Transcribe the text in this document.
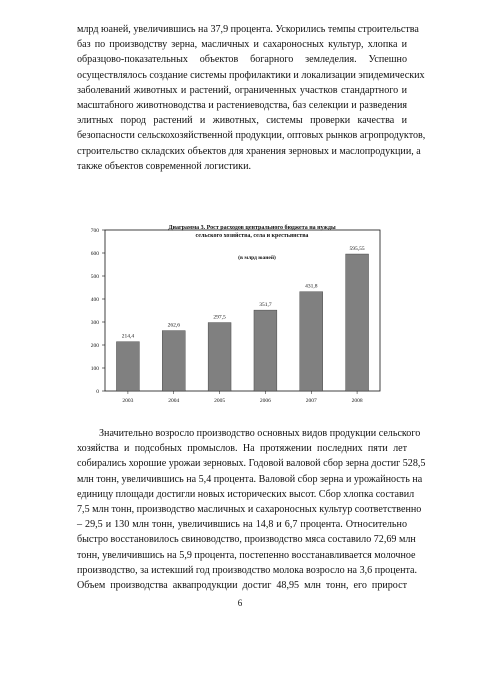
млрд юаней, увеличившись на 37,9 процента. Ускорились темпы строительства
баз по производству зерна, масличных и сахароносных культур, хлопка и
образцово-показательных объектов богарного земледелия. Успешно
осуществлялось создание системы профилактики и локализации эпидемических
заболеваний животных и растений, ограниченных участков стандартного и
масштабного животноводства и растениеводства, баз селекции и разведения
элитных пород растений и животных, системы проверки качества и
безопасности сельскохозяйственной продукции, оптовых рынков агропродуктов,
строительство складских объектов для хранения зерновых и маслопродукции, а
также объектов современной логистики.
Диаграмма 3. Рост расходов центрального бюджета на нужды
сельского хозяйства, села и крестьянства
(в млрд юаней)
0
100
200
300
400
500
600
700
214,4
2003
262,6
2004
297,5
2005
351,7
2006
431,8
2007
595,55
2008
Значительно возросло производство основных видов продукции сельского
хозяйства и подсобных промыслов. На протяжении последних пяти лет
собирались хорошие урожаи зерновых. Годовой валовой сбор зерна достиг 528,5
млн тонн, увеличившись на 5,4 процента. Валовой сбор зерна и урожайность на
единицу площади достигли новых исторических высот. Сбор хлопка составил
7,5 млн тонн, производство масличных и сахароносных культур соответственно
– 29,5 и 130 млн тонн, увеличившись на 14,8 и 6,7 процента. Относительно
быстро восстановилось свиноводство, производство мяса составило 72,69 млн
тонн, увеличившись на 5,9 процента, постепенно восстанавливается молочное
производство, за истекший год производство молока возросло на 3,6 процента.
Объем производства аквапродукции достиг 48,95 млн тонн, его прирост
6
